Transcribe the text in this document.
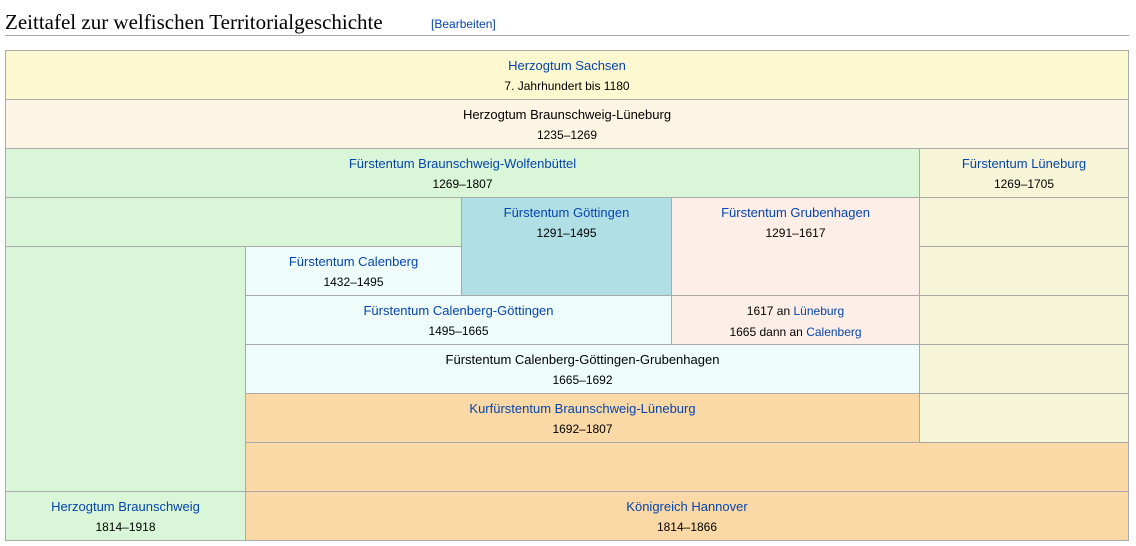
Zeittafel zur welfischen Territorialgeschichte	[Bearbeiten]
Herzogtum Sachsen
7. Jahrhundert bis 1180
Herzogtum Braunschweig-Lüneburg
1235–1269
Fürstentum Braunschweig-Wolfenbüttel
1269–1807
Fürstentum Lüneburg
1269–1705
Fürstentum Göttingen
1291–1495
Fürstentum Grubenhagen
1291–1617
Fürstentum Calenberg
1432–1495
Fürstentum Calenberg-Göttingen
1495–1665
1617 an Lüneburg
1665 dann an Calenberg
Fürstentum Calenberg-Göttingen-Grubenhagen
1665–1692
Kurfürstentum Braunschweig-Lüneburg
1692–1807
Herzogtum Braunschweig
1814–1918
Königreich Hannover
1814–1866
